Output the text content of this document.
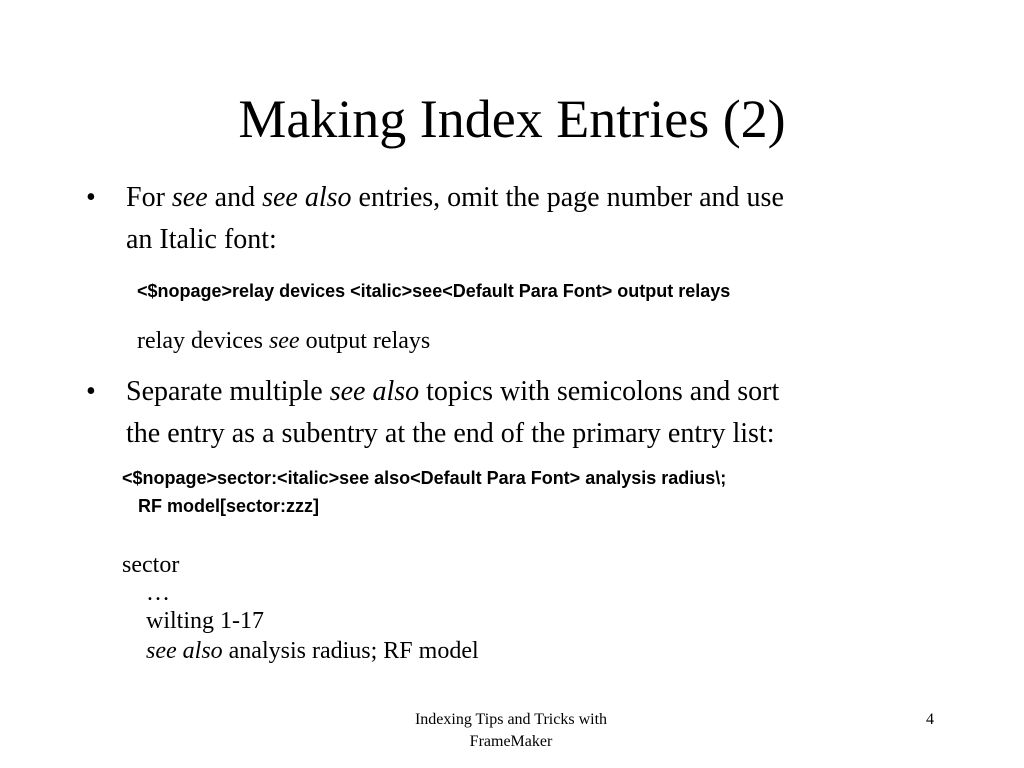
Making Index Entries (2)
• For see and see also entries, omit the page number and use
an Italic font:
<$nopage>relay devices <italic>see<Default Para Font> output relays
relay devices see output relays
• Separate multiple see also topics with semicolons and sort
the entry as a subentry at the end of the primary entry list:
<$nopage>sector:<italic>see also<Default Para Font> analysis radius\;
RF model[sector:zzz]
sector
…
wilting 1-17
see also analysis radius; RF model
Indexing Tips and Tricks with
FrameMaker
4
